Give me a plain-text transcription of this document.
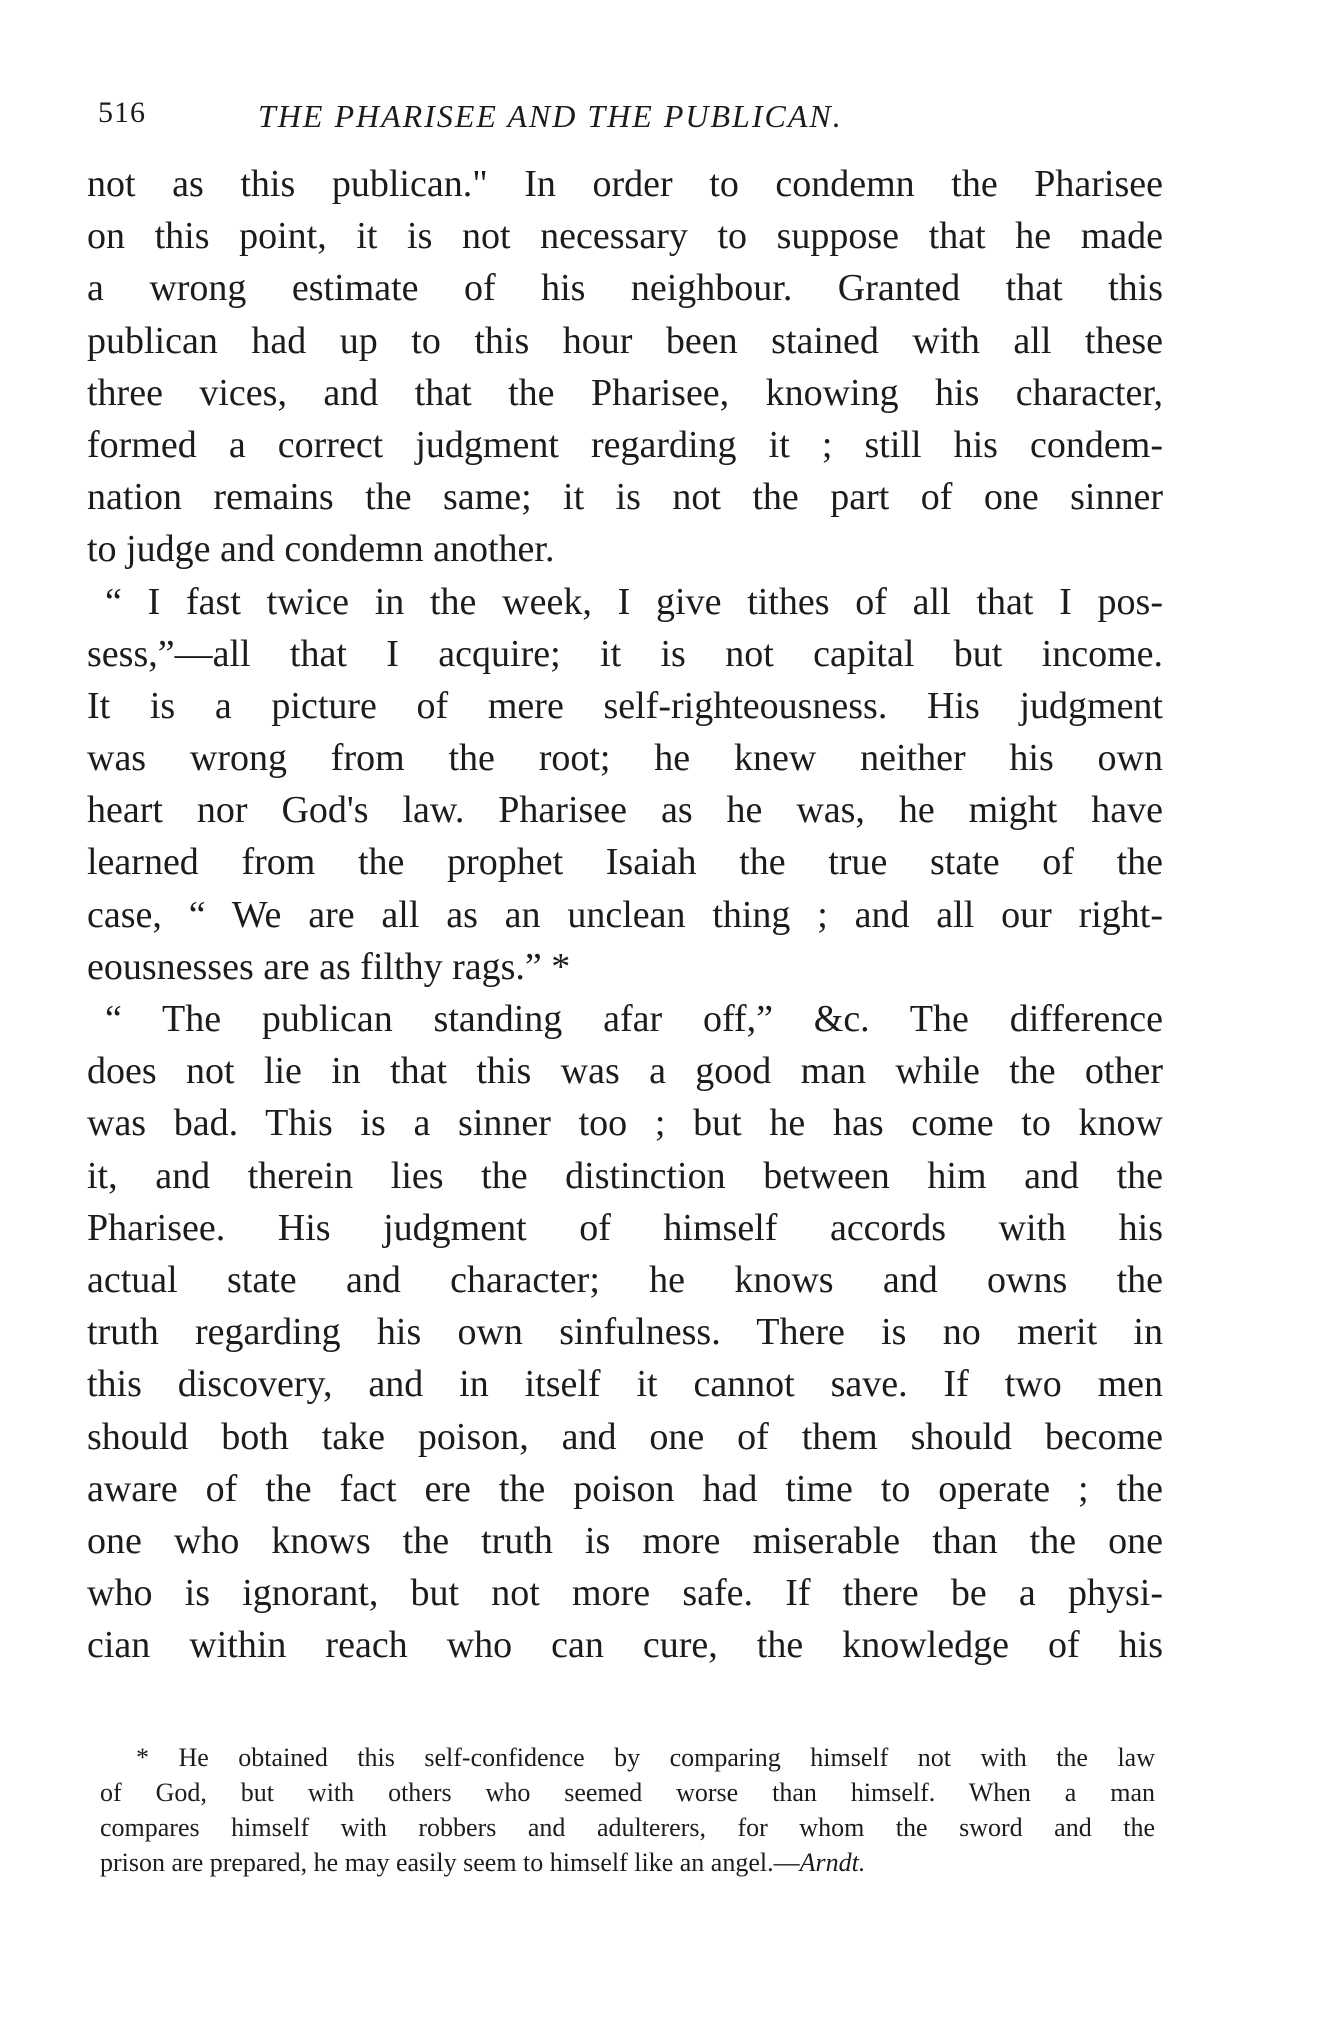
516	THE PHARISEE AND THE PUBLICAN.
not as this publican." In order to condemn the Pharisee
on this point, it is not necessary to suppose that he made
a wrong estimate of his neighbour. Granted that this
publican had up to this hour been stained with all these
three vices, and that the Pharisee, knowing his character,
formed a correct judgment regarding it ; still his condem-
nation remains the same; it is not the part of one sinner
to judge and condemn another.
“ I fast twice in the week, I give tithes of all that I pos-
sess,”—all that I acquire; it is not capital but income.
It is a picture of mere self-righteousness. His judgment
was wrong from the root; he knew neither his own
heart nor God's law. Pharisee as he was, he might have
learned from the prophet Isaiah the true state of the
case, “ We are all as an unclean thing ; and all our right-
eousnesses are as filthy rags.” *
“ The publican standing afar off,” &c. The difference
does not lie in that this was a good man while the other
was bad. This is a sinner too ; but he has come to know
it, and therein lies the distinction between him and the
Pharisee. His judgment of himself accords with his
actual state and character; he knows and owns the
truth regarding his own sinfulness. There is no merit in
this discovery, and in itself it cannot save. If two men
should both take poison, and one of them should become
aware of the fact ere the poison had time to operate ; the
one who knows the truth is more miserable than the one
who is ignorant, but not more safe. If there be a physi-
cian within reach who can cure, the knowledge of his
* He obtained this self-confidence by comparing himself not with the law
of God, but with others who seemed worse than himself. When a man
compares himself with robbers and adulterers, for whom the sword and the
prison are prepared, he may easily seem to himself like an angel.—Arndt.
